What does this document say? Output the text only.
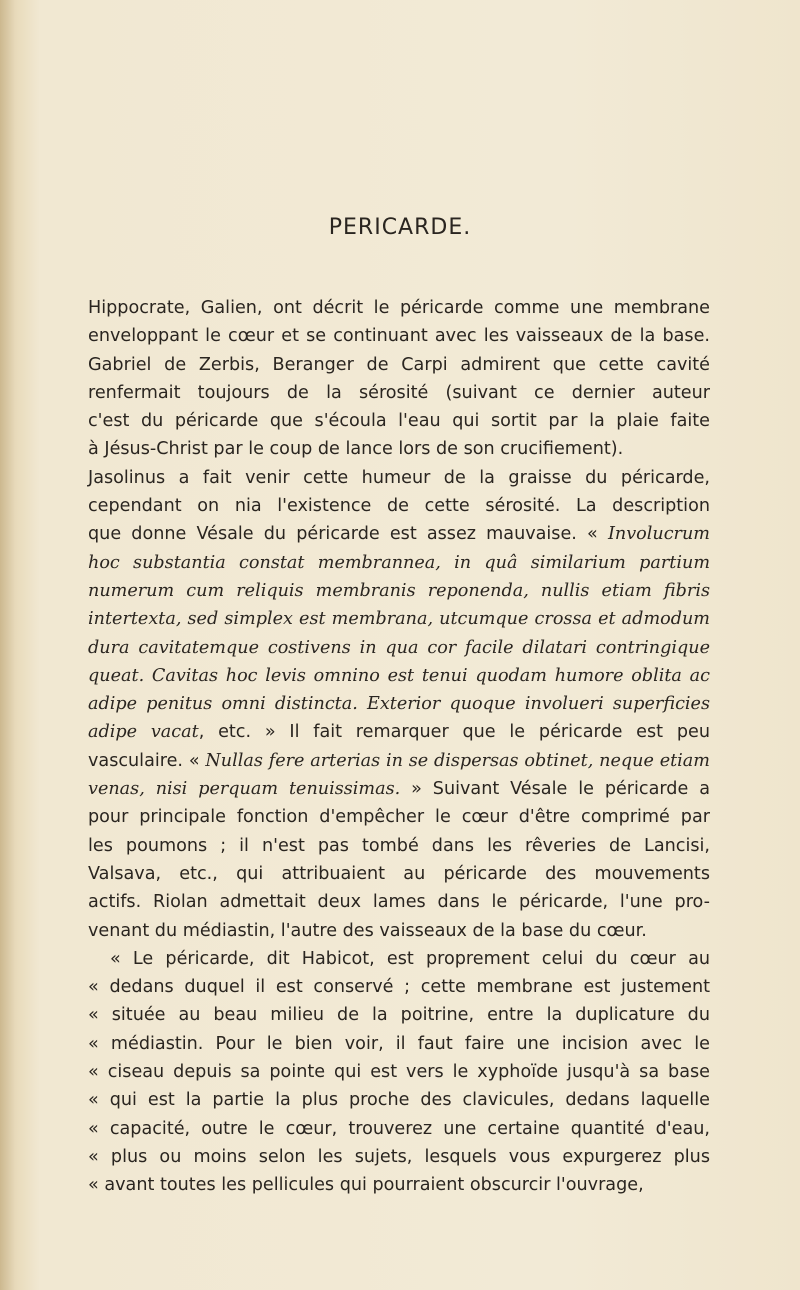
PERICARDE.
Hippocrate, Galien, ont décrit le péricarde comme une membrane
enveloppant le cœur et se continuant avec les vaisseaux de la base.
Gabriel de Zerbis, Beranger de Carpi admirent que cette cavité
renfermait toujours de la sérosité (suivant ce dernier auteur
c'est du péricarde que s'écoula l'eau qui sortit par la plaie faite
à Jésus-Christ par le coup de lance lors de son crucifiement).
Jasolinus a fait venir cette humeur de la graisse du péricarde,
cependant on nia l'existence de cette sérosité. La description
que donne Vésale du péricarde est assez mauvaise. « Involucrum
hoc substantia constat membrannea, in quâ similarium partium
numerum cum reliquis membranis reponenda, nullis etiam fibris
intertexta, sed simplex est membrana, utcumque crossa et admodum
dura cavitatemque costivens in qua cor facile dilatari contringique
queat. Cavitas hoc levis omnino est tenui quodam humore oblita ac
adipe penitus omni distincta. Exterior quoque involueri superficies
adipe vacat, etc. » Il fait remarquer que le péricarde est peu
vasculaire. « Nullas fere arterias in se dispersas obtinet, neque etiam
venas, nisi perquam tenuissimas. » Suivant Vésale le péricarde a
pour principale fonction d'empêcher le cœur d'être comprimé par
les poumons ; il n'est pas tombé dans les rêveries de Lancisi,
Valsava, etc., qui attribuaient au péricarde des mouvements
actifs. Riolan admettait deux lames dans le péricarde, l'une pro-
venant du médiastin, l'autre des vaisseaux de la base du cœur.
« Le péricarde, dit Habicot, est proprement celui du cœur au
« dedans duquel il est conservé ; cette membrane est justement
« située au beau milieu de la poitrine, entre la duplicature du
« médiastin. Pour le bien voir, il faut faire une incision avec le
« ciseau depuis sa pointe qui est vers le xyphoïde jusqu'à sa base
« qui est la partie la plus proche des clavicules, dedans laquelle
« capacité, outre le cœur, trouverez une certaine quantité d'eau,
« plus ou moins selon les sujets, lesquels vous expurgerez plus
« avant toutes les pellicules qui pourraient obscurcir l'ouvrage,
